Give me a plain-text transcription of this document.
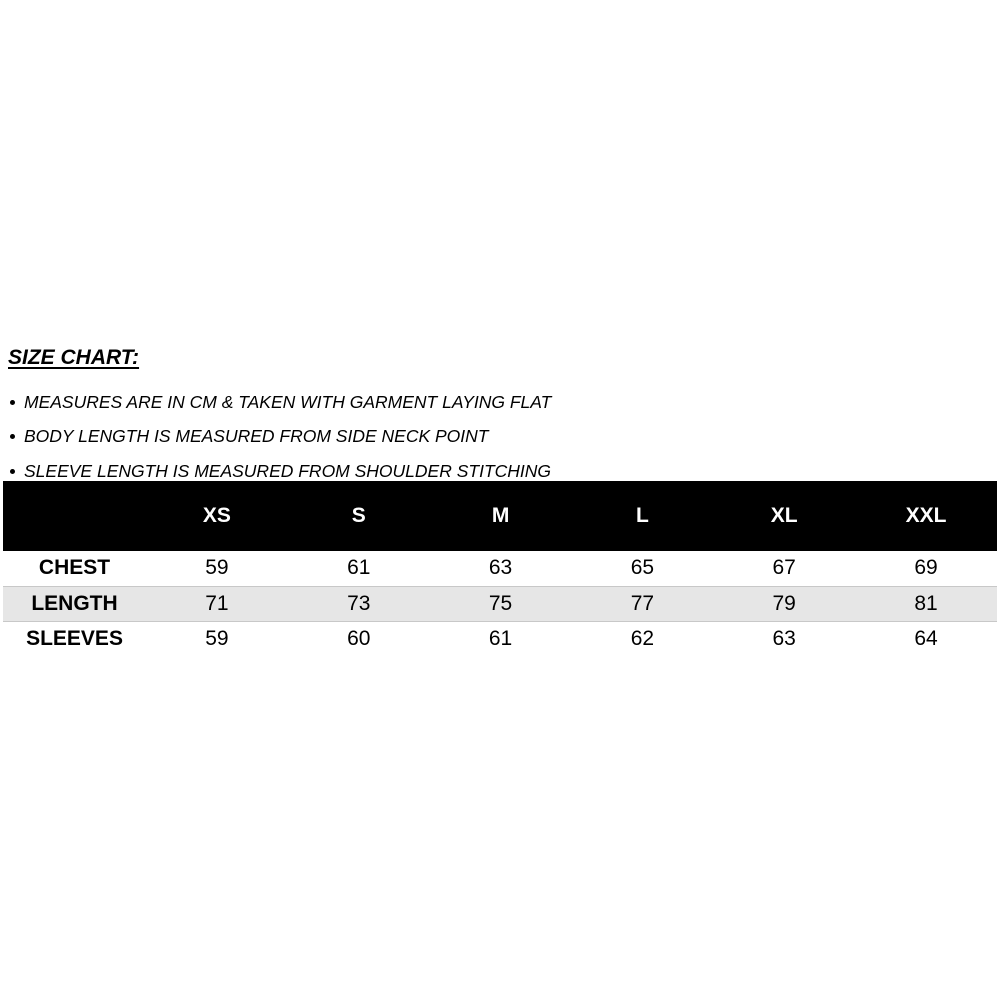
SIZE CHART:
MEASURES ARE IN CM & TAKEN WITH GARMENT LAYING FLAT
BODY LENGTH IS MEASURED FROM SIDE NECK POINT
SLEEVE LENGTH IS MEASURED FROM SHOULDER STITCHING
	XS	S	M	L	XL	XXL
CHEST	59	61	63	65	67	69
LENGTH	71	73	75	77	79	81
SLEEVES	59	60	61	62	63	64
